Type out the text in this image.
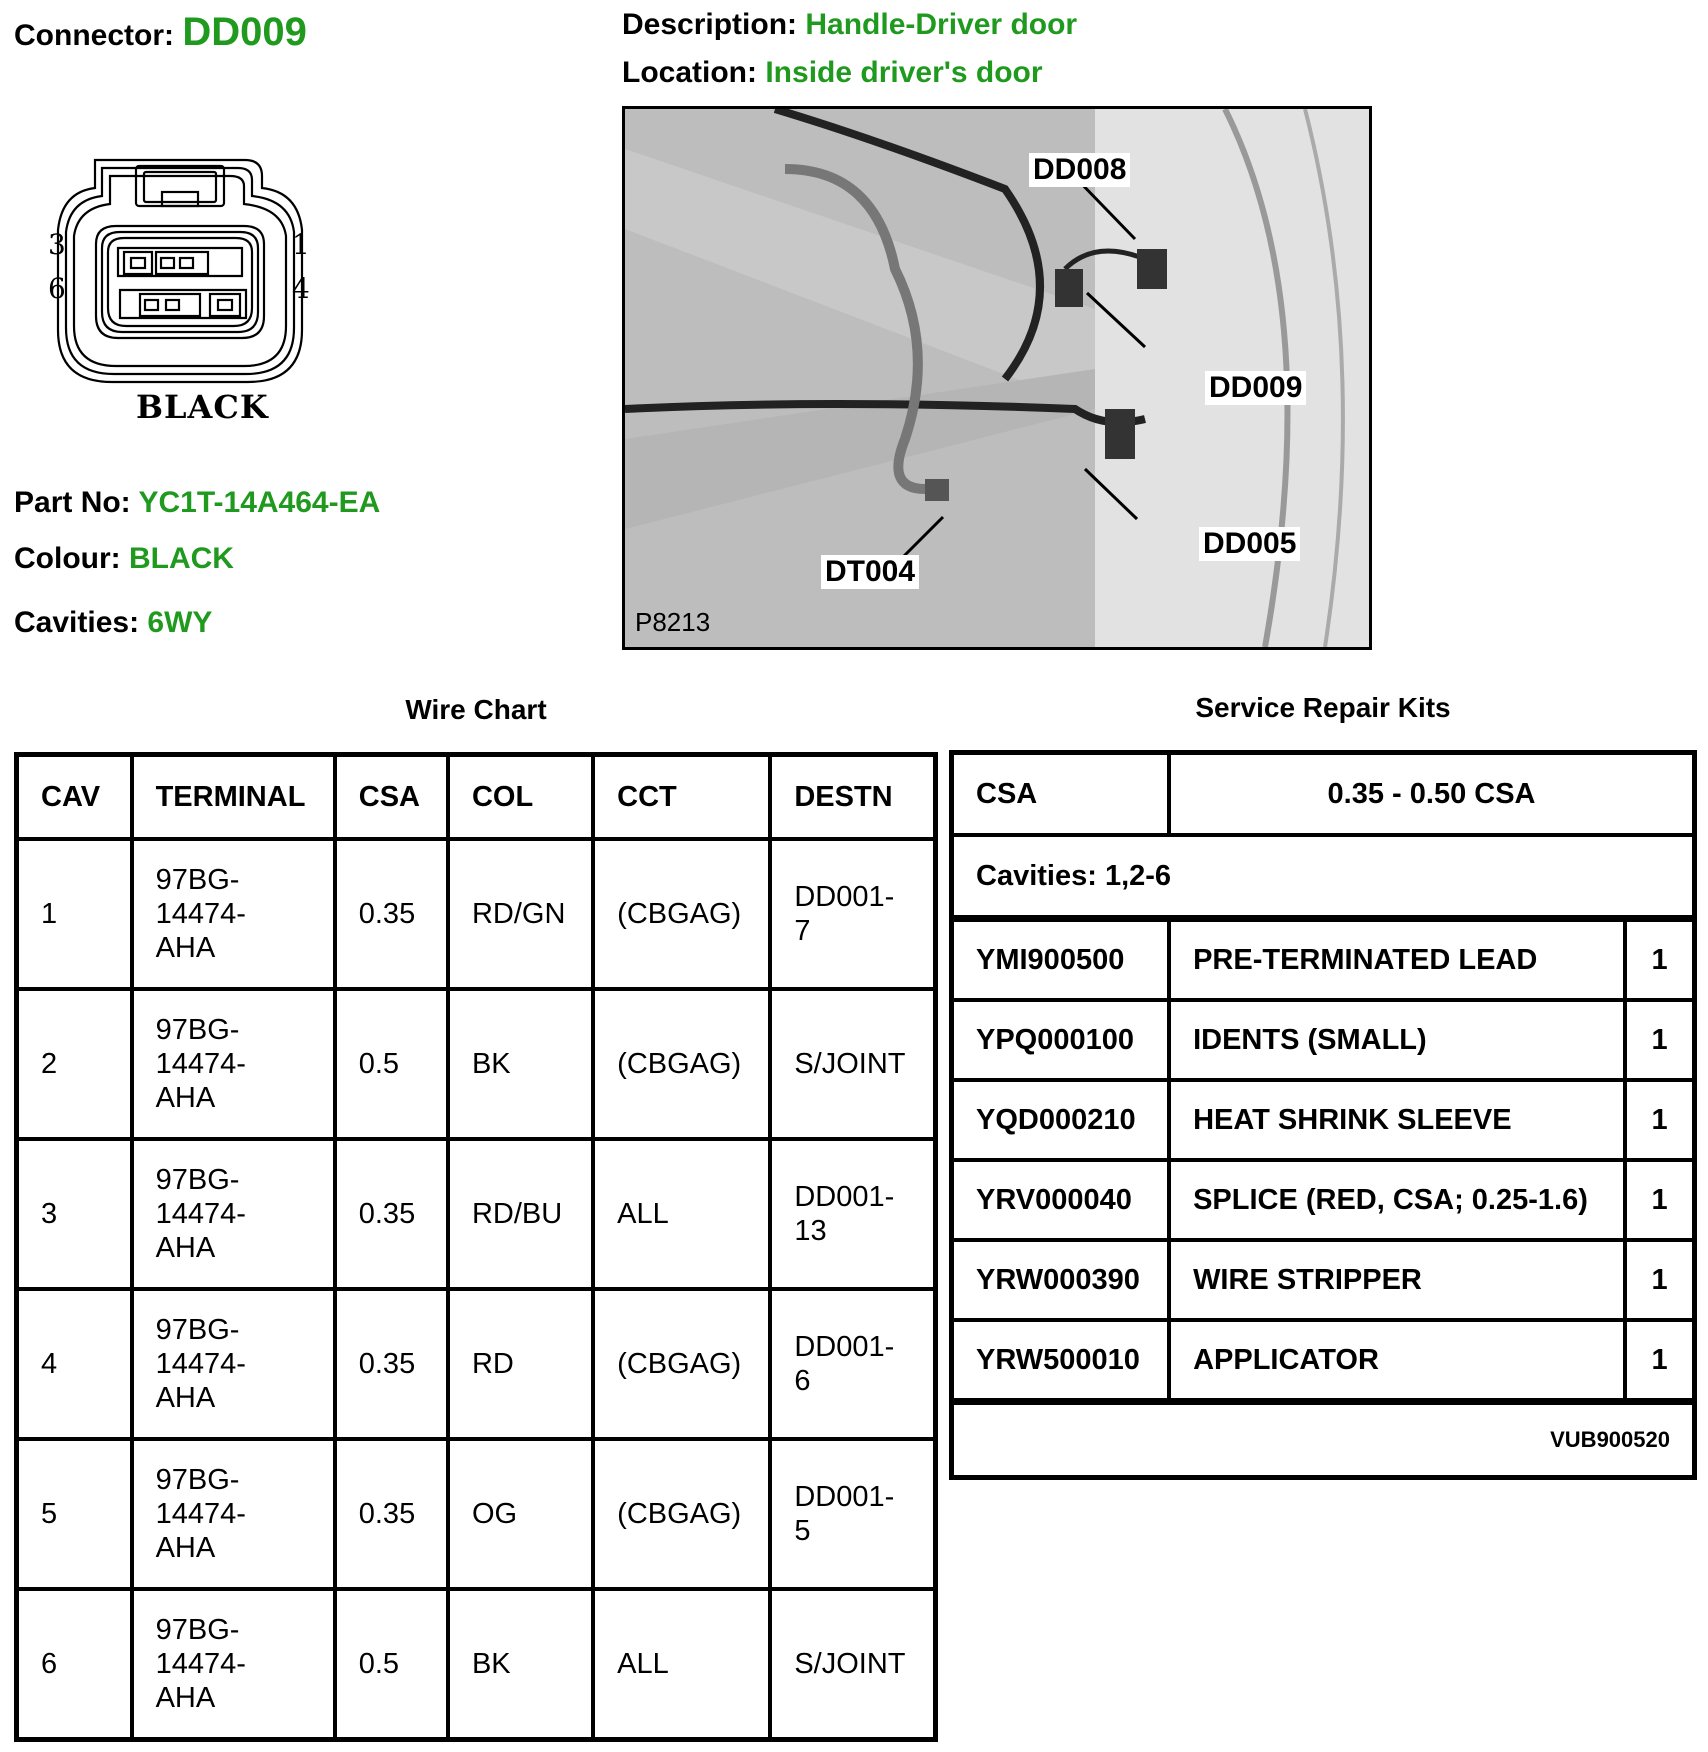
Connector: DD009	Description: Handle-Driver door
Location: Inside driver's door
3	1
6	4
BLACK
Part No: YC1T-14A464-EA
Colour: BLACK
Cavities: 6WY
DD008
DD009
DD005
DT004
P8213
Wire Chart
CAV	TERMINAL	CSA	COL	CCT	DESTN
1	97BG-
14474-
AHA	0.35	RD/GN	(CBGAG)	DD001-
7
2	97BG-
14474-
AHA	0.5	BK	(CBGAG)	S/JOINT
3	97BG-
14474-
AHA	0.35	RD/BU	ALL	DD001-
13
4	97BG-
14474-
AHA	0.35	RD	(CBGAG)	DD001-
6
5	97BG-
14474-
AHA	0.35	OG	(CBGAG)	DD001-
5
6	97BG-
14474-
AHA	0.5	BK	ALL	S/JOINT
Service Repair Kits
CSA	0.35 - 0.50 CSA	
Cavities: 1,2-6		
YMI900500	PRE-TERMINATED LEAD	1
YPQ000100	IDENTS (SMALL)	1
YQD000210	HEAT SHRINK SLEEVE	1
YRV000040	SPLICE (RED, CSA; 0.25-1.6)	1
YRW000390	WIRE STRIPPER	1
YRW500010	APPLICATOR	1
VUB900520		
